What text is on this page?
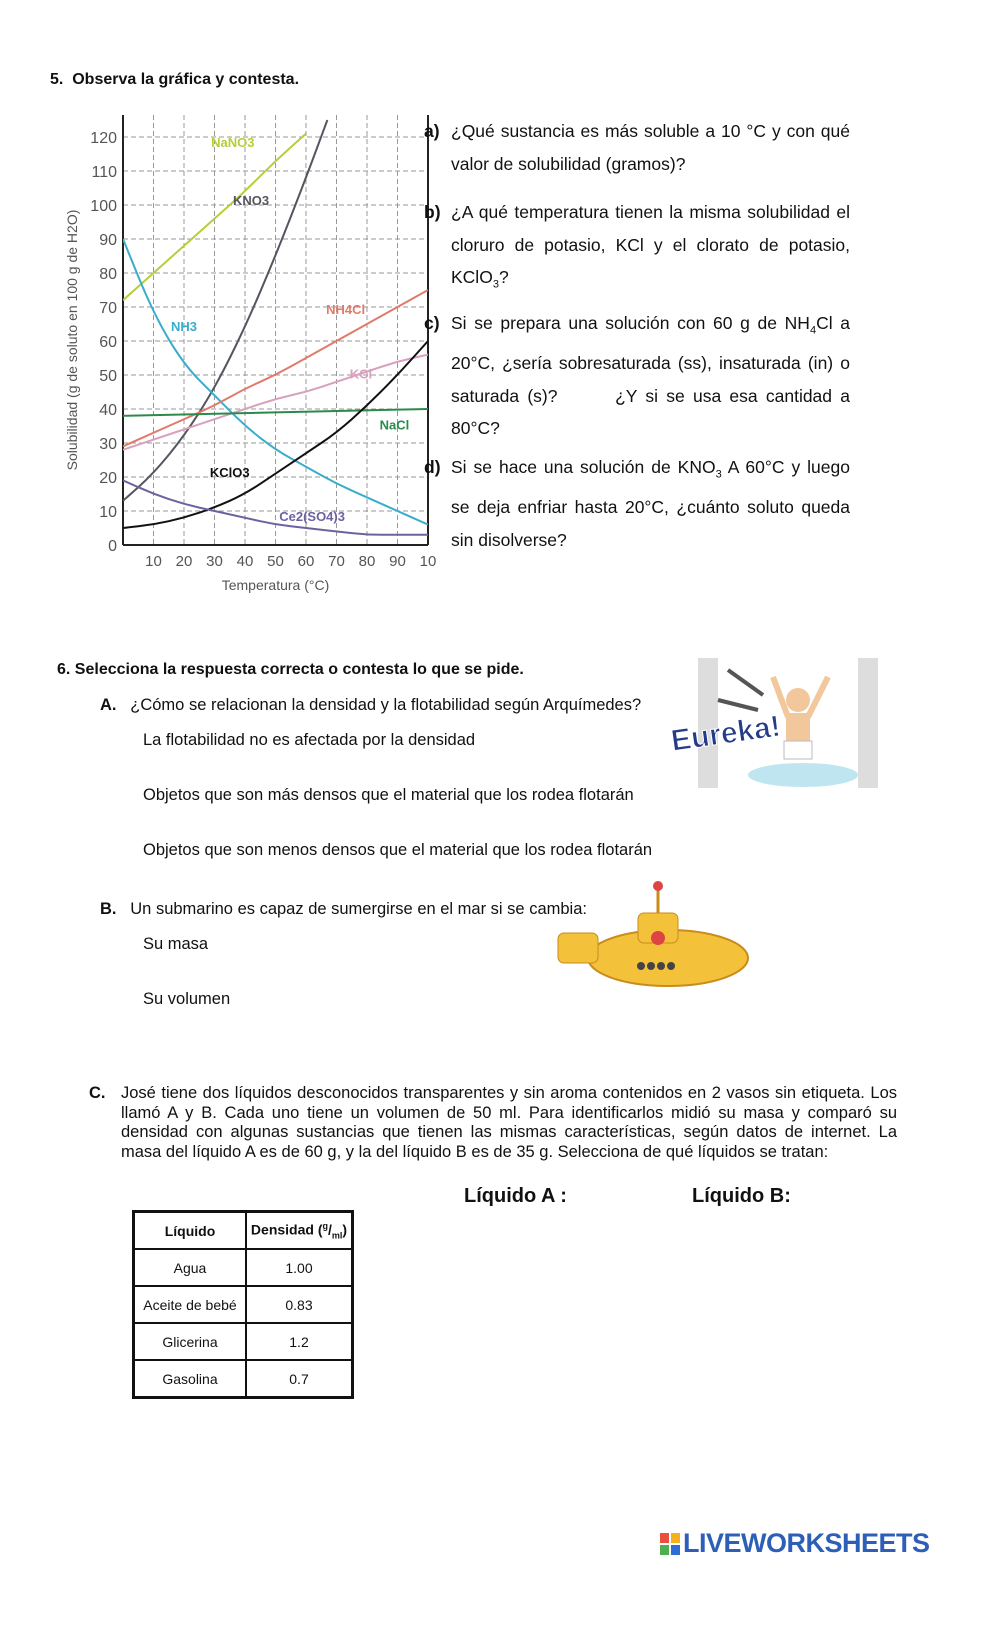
5. Observa la gráfica y contesta.
0
10
20
30
40
50
60
70
80
90
100
110
120
10 20 30 40 50 60 70 80 90 10
Temperatura (°C)
Solubilidad (g de soluto en 100 g de H2O)
NaNO3
KNO3
NH3
NH4Cl
KCl
NaCl
KClO3
Ce2(SO4)3
a) ¿Qué sustancia es más soluble a 10 °C y con qué valor de solubilidad (gramos)?
b) ¿A qué temperatura tienen la misma solubilidad el cloruro de potasio, KCl y el clorato de potasio, KClO$_3$?
c) Si se prepara una solución con 60 g de $NH_4Cl$ a 20°C, ¿sería sobresaturada (ss), insaturada (in) o saturada (s)?       ¿Y si se usa esa cantidad a 80°C?
d) Si se hace una solución de $KNO_3$ A 60°C y luego se deja enfriar hasta 20°C, ¿cuánto soluto queda sin disolverse?
6. Selecciona la respuesta correcta o contesta lo que se pide.
A. ¿Cómo se relacionan la densidad y la flotabilidad según Arquímedes?
La flotabilidad no es afectada por la densidad
Objetos que son más densos que el material que los rodea flotarán
Objetos que son menos densos que el material que los rodea flotarán
Eureka!
B. Un submarino es capaz de sumergirse en el mar si se cambia:
Su masa
Su volumen
C. José tiene dos líquidos desconocidos transparentes y sin aroma contenidos en 2 vasos sin etiqueta. Los llamó A y B. Cada uno tiene un volumen de 50 ml. Para identificarlos midió su masa y comparó su densidad con algunas sustancias que tienen las mismas características, según datos de internet. La masa del líquido A es de 60 g, y la del líquido B es de 35 g. Selecciona de qué líquidos se tratan:
Líquido A :	Líquido B:
Líquido	Densidad $(^g/_{ml})$
Agua	1.00
Aceite de bebé	0.83
Glicerina	1.2
Gasolina	0.7
LIVEWORKSHEETS
